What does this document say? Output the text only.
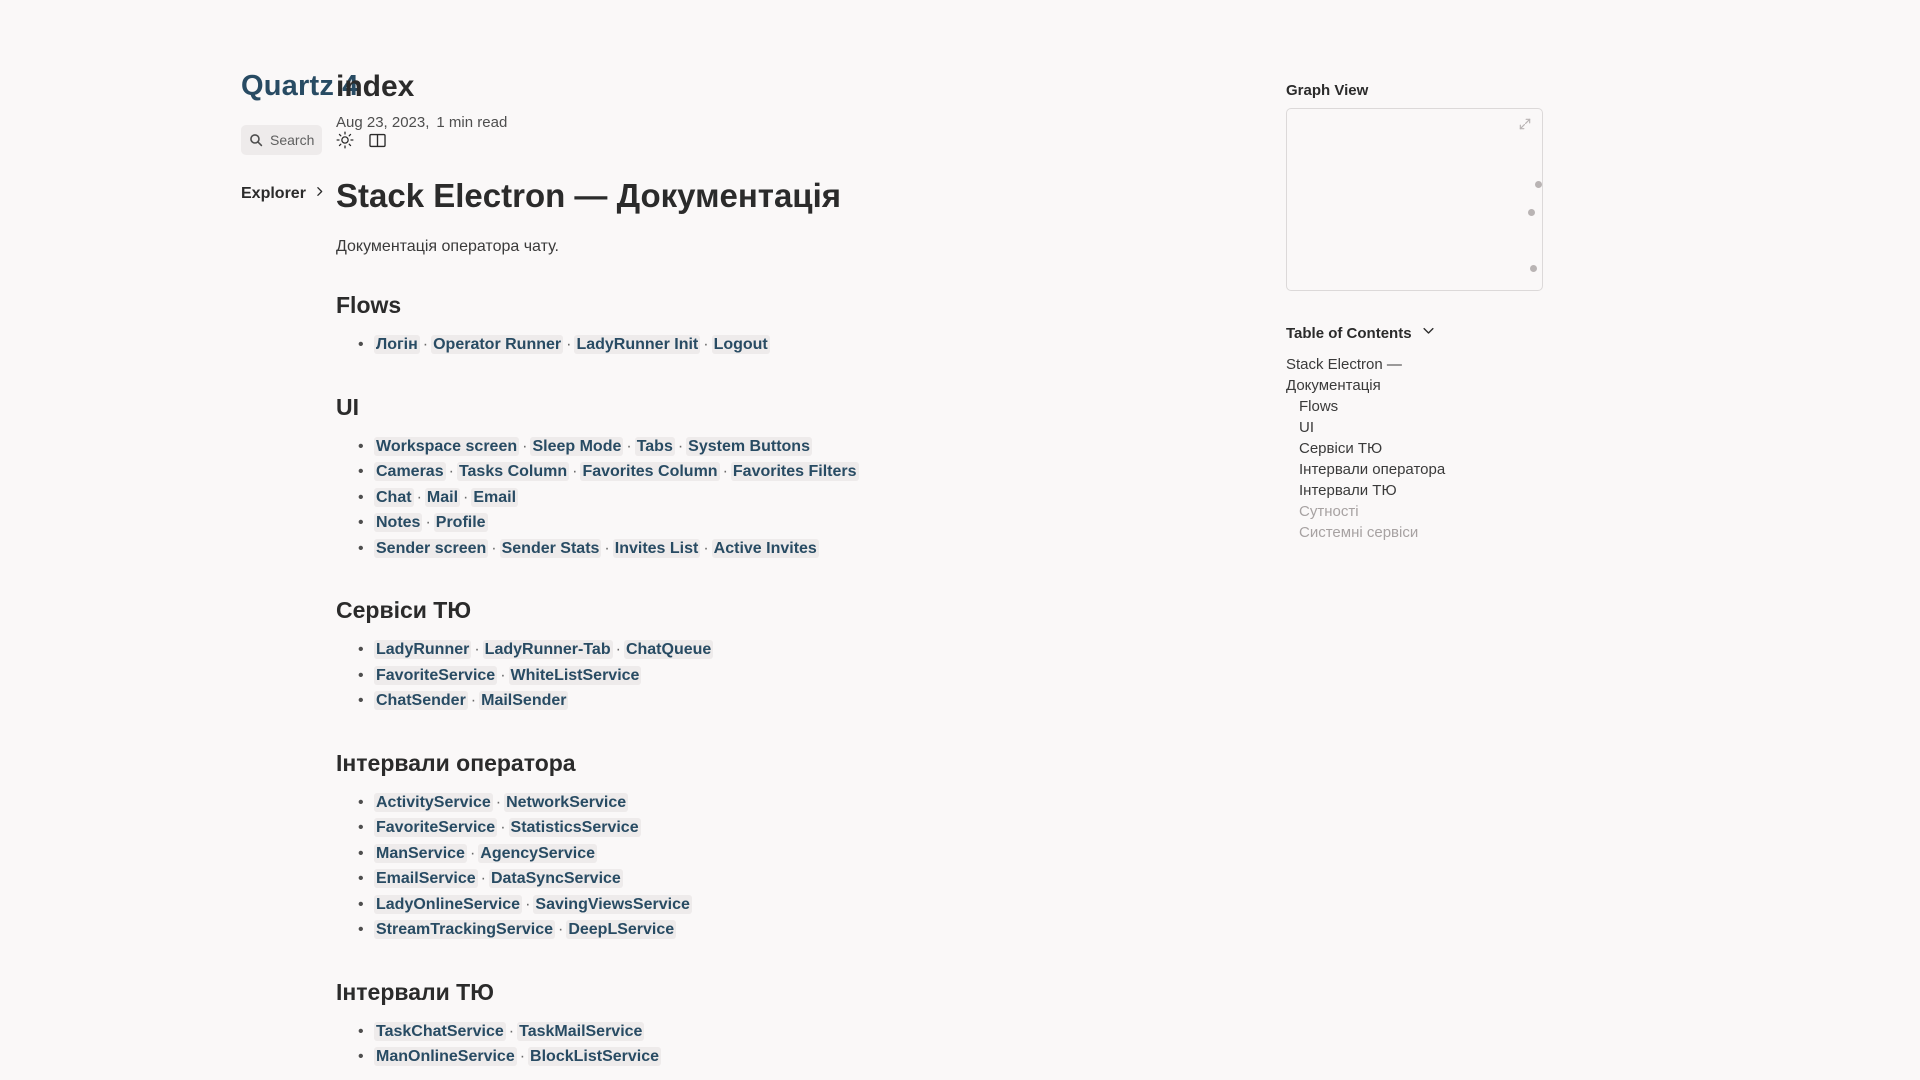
Quartz 4
Search
Explorer
index
Aug 23, 2023, 1 min read
Stack Electron — Документація

Документація оператора чату.

Flows
• Логін · Operator Runner · LadyRunner Init · Logout
UI
• Workspace screen · Sleep Mode · Tabs · System Buttons
• Cameras · Tasks Column · Favorites Column · Favorites Filters
• Chat · Mail · Email
• Notes · Profile
• Sender screen · Sender Stats · Invites List · Active Invites
Сервіси ТЮ
• LadyRunner · LadyRunner-Tab · ChatQueue
• FavoriteService · WhiteListService
• ChatSender · MailSender
Інтервали оператора
• ActivityService · NetworkService
• FavoriteService · StatisticsService
• ManService · AgencyService
• EmailService · DataSyncService
• LadyOnlineService · SavingViewsService
• StreamTrackingService · DeepLService
Інтервали ТЮ
• TaskChatService · TaskMailService
• ManOnlineService · BlockListService
Graph View
Table of Contents
Stack Electron —
Документація
Flows
UI
Сервіси ТЮ
Інтервали оператора
Інтервали ТЮ
Сутності
Системні сервіси
